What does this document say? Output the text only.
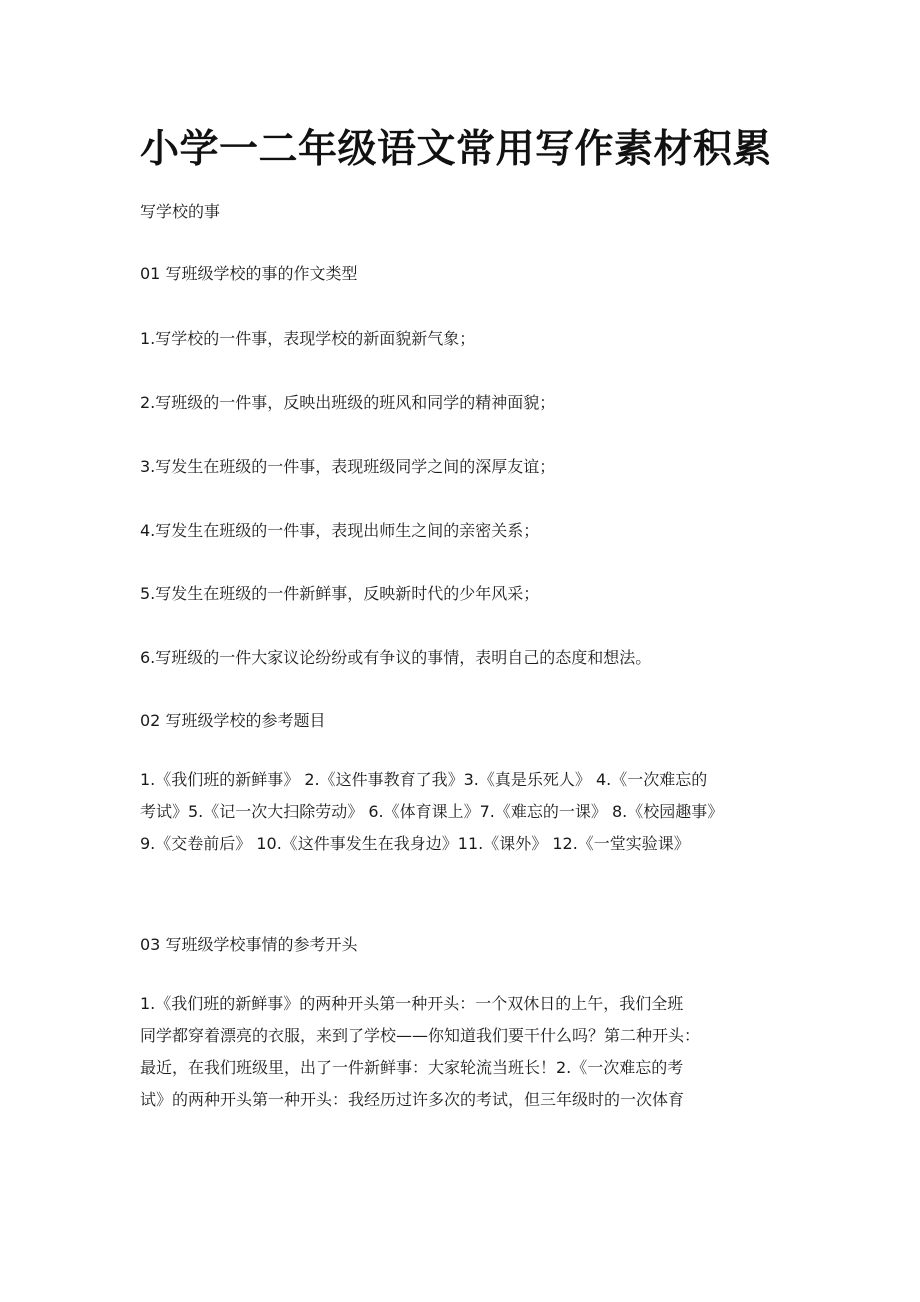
小学一二年级语文常用写作素材积累

写学校的事

01 写班级学校的事的作文类型

1.写学校的一件事，表现学校的新面貌新气象；

2.写班级的一件事，反映出班级的班风和同学的精神面貌；

3.写发生在班级的一件事，表现班级同学之间的深厚友谊；

4.写发生在班级的一件事，表现出师生之间的亲密关系；

5.写发生在班级的一件新鲜事，反映新时代的少年风采；

6.写班级的一件大家议论纷纷或有争议的事情，表明自己的态度和想法。

02 写班级学校的参考题目

1.《我们班的新鲜事》 2.《这件事教育了我》3.《真是乐死人》 4.《一次难忘的
考试》5.《记一次大扫除劳动》 6.《体育课上》7.《难忘的一课》 8.《校园趣事》
9.《交卷前后》 10.《这件事发生在我身边》11.《课外》 12.《一堂实验课》

03 写班级学校事情的参考开头

1.《我们班的新鲜事》的两种开头第一种开头：一个双休日的上午，我们全班
同学都穿着漂亮的衣服，来到了学校——你知道我们要干什么吗？第二种开头：
最近，在我们班级里，出了一件新鲜事：大家轮流当班长！2.《一次难忘的考
试》的两种开头第一种开头：我经历过许多次的考试，但三年级时的一次体育
